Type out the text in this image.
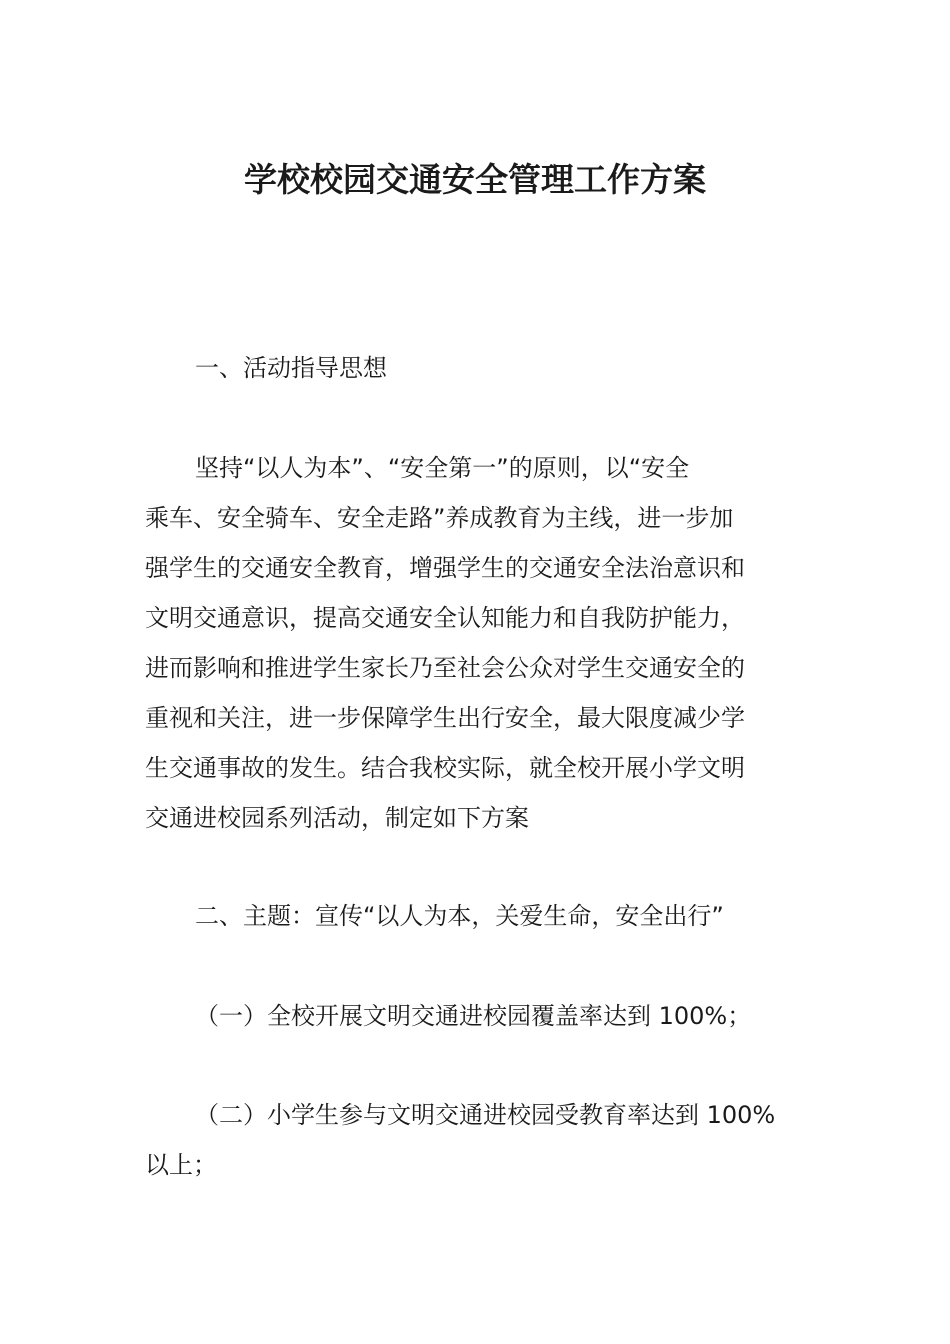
学校校园交通安全管理工作方案
一、活动指导思想
坚持“以人为本”、“安全第一”的原则，以“安全
乘车、安全骑车、安全走路”养成教育为主线，进一步加
强学生的交通安全教育，增强学生的交通安全法治意识和
文明交通意识，提高交通安全认知能力和自我防护能力，
进而影响和推进学生家长乃至社会公众对学生交通安全的
重视和关注，进一步保障学生出行安全，最大限度减少学
生交通事故的发生。结合我校实际，就全校开展小学文明
交通进校园系列活动，制定如下方案
二、主题：宣传“以人为本，关爱生命，安全出行”
（一）全校开展文明交通进校园覆盖率达到 100%；
（二）小学生参与文明交通进校园受教育率达到 100%
以上；
